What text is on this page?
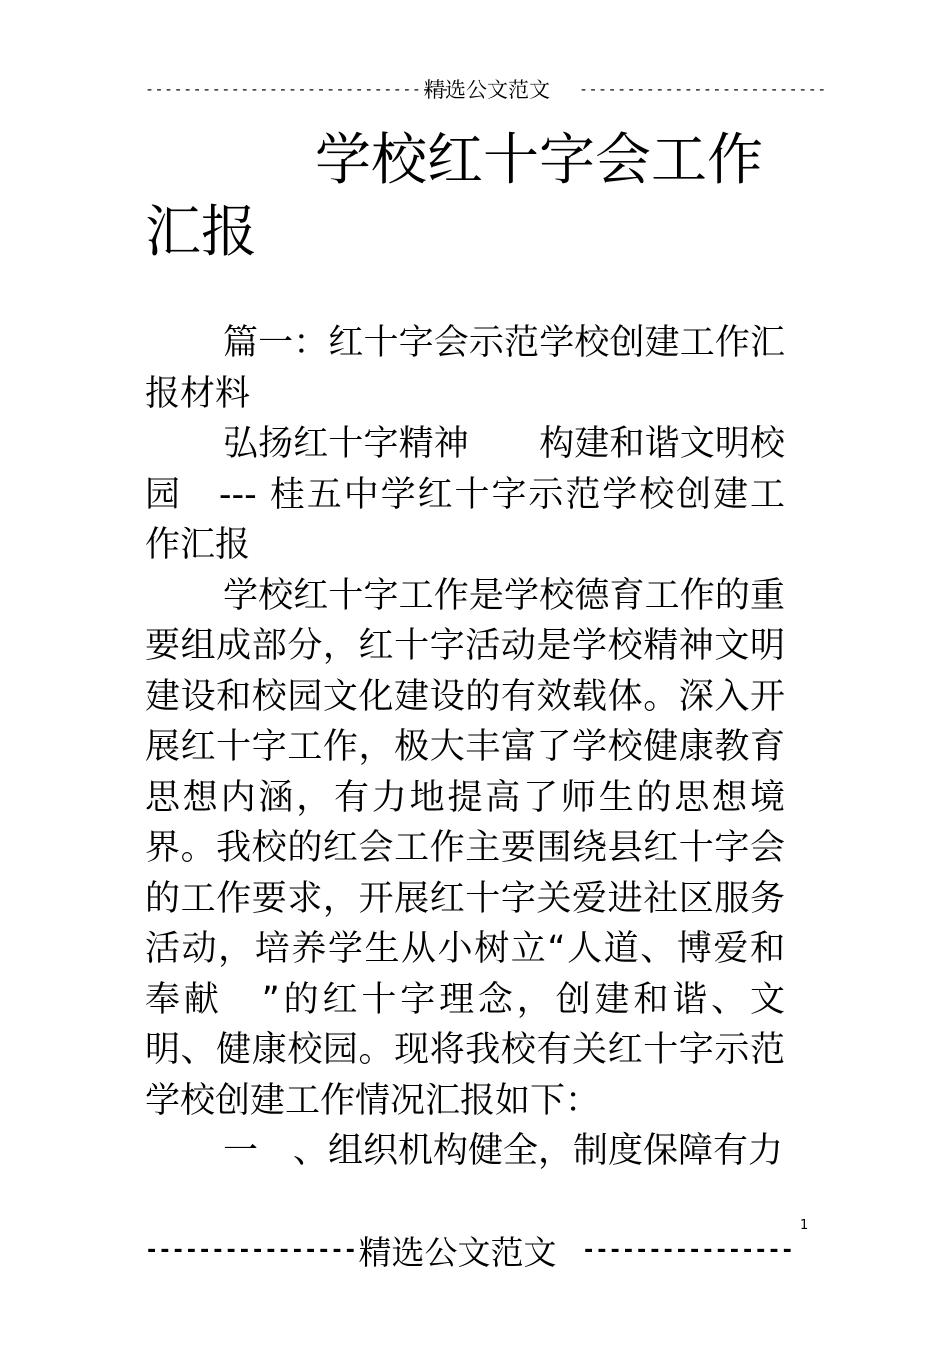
--------------------------------
精选公文范文 --------------------------
学校红十字会工作
汇报

篇一：红十字会示范学校创建工作汇报材料

弘扬红十字精神　　构建和谐文明校园　--- 桂五中学红十字示范学校创建工作汇报

学校红十字工作是学校德育工作的重要组成部分，红十字活动是学校精神文明建设和校园文化建设的有效载体。深入开展红十字工作，极大丰富了学校健康教育思想内涵，有力地提高了师生的思想境界。我校的红会工作主要围绕县红十字会的工作要求，开展红十字关爱进社区服务活动，培养学生从小树立“人道、博爱和奉献　”的红十字理念，创建和谐、文明、健康校园。现将我校有关红十字示范学校创建工作情况汇报如下：

一　、组织机构健全，制度保障有力

1
---------------- 精选公文范文 ----------------
